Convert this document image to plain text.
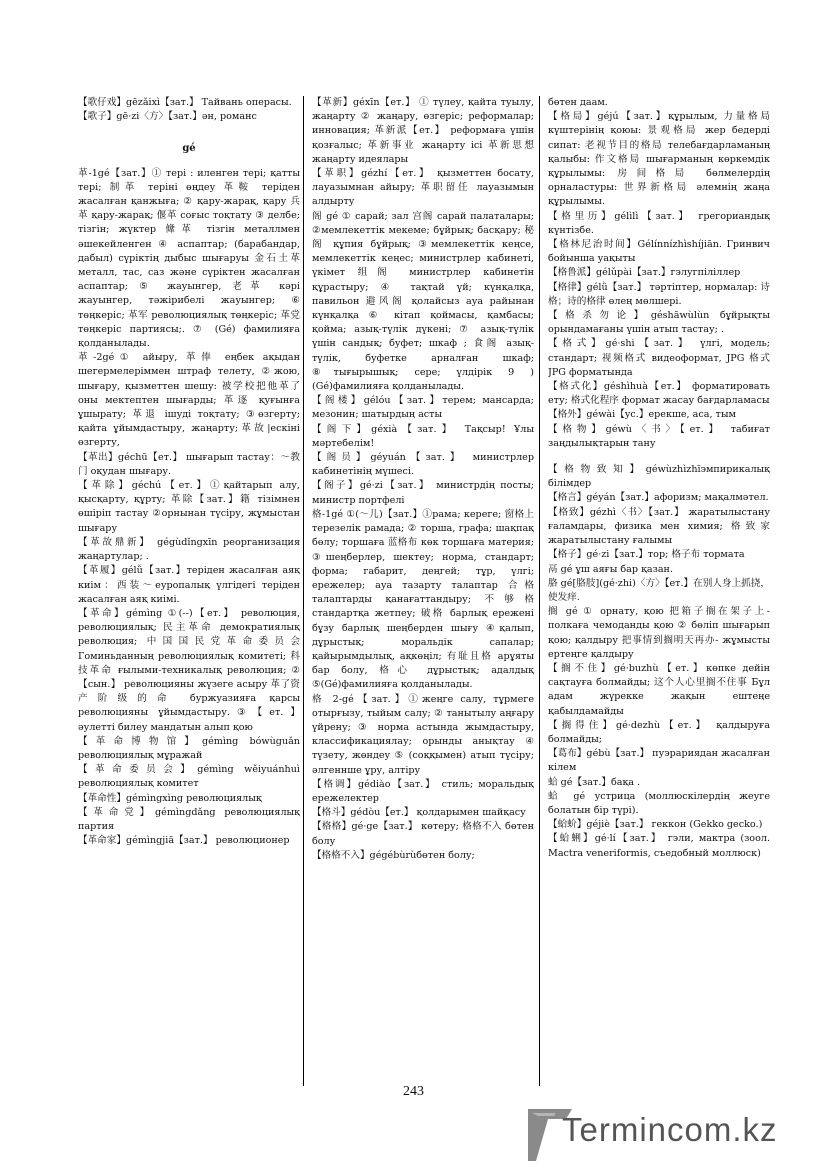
【歌仔戏】gēzǎixì【зат.】 Тайвань операсы.

【歌子】gē·zi〈方〉【зат.】ән, романс

gé

革-1gé【зат.】① тері : иленген тері; қатты тері; 制革 теріні өңдеу 革鞍 теріден жасалған қанжыға; ② қару-жарақ, қару 兵革 қару-жарақ; 偃革 соғыс тоқтату ③ делбе; тізгін; жүктер 鞗革 тізгін металлмен әшекейленген ④ аспаптар; (барабандар, дабыл) сүріктің дыбыс шығаруы 金石土革 металл, тас, саз және сүріктен жасалған аспаптар; ⑤ жауынгер, 老革 кәрі жауынгер, тәжірибелі жауынгер; ⑥ төңкеріс; 革军 революциялық төңкеріс; 革党 төңкеріс партиясы;. ⑦ (Gé) фамилияға қолданылады.

革-2gé① айыру, 革俸 еңбек ақыдан шегермелеріммен штраф телету, ②жою, шығару, қызметтен шешу: 被学校把他革了 оны мектептен шығарды; 革逐 қуғынға ұшырату; 革退 ішуді тоқтату; ③өзгерту; қайта ұйымдастыру, жаңарту;革故|ескіні өзгерту,

【革出】géchū【ет.】 шығарып тастау：～教门 оқудан шығару.

【革除】géchú【ет.】①қайтарып алу, қысқарту, құрту; 革除【зат.】籍 тізімнен өшіріп тастау ②орнынан түсіру, жұмыстан шығару

【革故鼎新】 gégùdǐngxīn реорганизация жаңартулар; .

【革履】gélǚ【зат.】теріден жасалған аяқ киім：西装～еуропалық үлгідегі теріден жасалған аяқ киімі.

【革命】gémìng ①(--)【ет.】 революция, революциялық; 民主革命 демократиялық революция; 中国国民党革命委员会 Гоминьданның революциялық комитеті; 科技革命 ғылыми-техникалық революция; ②【сын.】 революцияны жүзеге асыру 革了资产阶级的命 буржуазияға қарсы революцияны ұйымдастыру.③【ет.】 әулетті билеу мандатын алып қою

【革命博物馆】gémìng bówùguǎn революциялық мұражай

【革命委员会】gémìng wěiyuánhuì революциялық комитет

【革命性】gémìngxìng революциялық

【革命党】gémìngdǎng революциялық партия

【革命家】gémìngjiā【зат.】 революционер

【革新】géxīn【ет.】 ① түлеу, қайта туылу, жаңарту ② жаңару, өзгеріс; реформалар; инновация; 革新派【ет.】 реформаға үшін қозғалыс; 革新事业 жаңарту ісі 革新思想 жаңарту идеялары

【革职】gézhí【ет.】 қызметтен босату, лауазымнан айыру; 革职留任 лауазымын алдырту

阁 gé ① сарай; зал 宫阁 сарай палаталары; ②мемлекеттік мекеме; бұйрық; басқару; 秘阁 құпия бұйрық; ③мемлекеттік кеңсе, мемлекеттік кеңес; министрлер кабинеті, үкімет 组阁 министрлер кабинетін құрастыру; ④ тақтай үй; күнқалқа, павильон 避风阁 қолайсыз ауа райынан күнқалқа ⑥ кітап қоймасы, қамбасы; қойма; азық-түлік дүкені; ⑦ азық-түлік үшін сандық; буфет; шкаф ; 食阁 азық-түлік, буфетке арналған шкаф; ⑧тығырышық; сере; үлдірік 9 ) (Gé)фамилияға қолданылады.

【阁楼】gélóu【зат.】терем; мансарда; мезонин; шатырдың асты

【阁下】géxià【зат.】 Тақсыр! Ұлы мәртебелім!

【阁员】géyuán【зат.】 министрлер кабинетінің мүшесі.

【阁子】gé·zi【зат.】 министрдің посты; министр портфелі

格-1gé ①(～儿)【зат.】①рама; кереге; 窗格上 терезелік рамада; ② торша, графа; шақпақ бөлу; торшаға 蓝格布 көк торшаға материя; ③шеңберлер, шектеу; норма, стандарт; форма; габарит, деңгей; тұр, үлгі; ережелер; ауа тазарту талаптар 合格 талаптарды қанағаттандыру; 不够格 стандартқа жетпеу; 破格 барлық ережені бұзу барлық шеңберден шығу ④қалып, дұрыстық; моральдік сапалар; қайырымдылық, ақкөңіл; 有耻且格 арұяты бар болу, 格心 дұрыстық; адалдық ⑤(Gé)фамилияға қолданылады.

格 2-gé【зат.】①жеңге салу, тұрмеге отырғызу, тыйым салу; ② танытылу аңғару үйрену; ③ норма астында жымдастыру, классификациялау; орынды анықтау ④ түзету, жөндеу ⑤ (соққымен) атып түсіру; әлгеннше ұру, алтіру

【格调】gédiào【зат.】 стиль; моральдық ережелектер

【格斗】gédòu【ет.】 қолдарымен шайқасу

【格格】gé·ge【зат.】 көтеру; 格格不入 бөтен болу

【格格不入】gégébùrùбөтен болу;

бөтен даам.

【格局】géjú【зат.】құрылым, 力量格局 күштерінің қоюы: 景观格局 жер бедерді сипат: 老视节目的格局 телебағдарламаның қалыбы: 作文格局 шығарманың көркемдік құрылымы: 房间格局 бөлмелердің орналастуры: 世界新格局 әлемнің жаңа құрылымы.

【格里历】gélìlì【зат.】 грегориандық күнтізбе.

【格林尼治时间】Gélínnízhìshíjiān. Гринвич бойынша уақыты

【格鲁派】gélǔpài【зат.】гэлугпіліллер

【格律】gélǜ【зат.】 тәртіптер, нормалар: 诗格；诗的格律 өлең мөлшері.

【格杀勿论】géshāwùlùn бұйрықты орындамағаны үшін атып тастау; .

【格式】gé·shi【зат.】 үлгі, модель; стандарт; 视频格式 видеоформат, JPG 格式 JPG форматында

【格式化】géshìhuà【ет.】 форматировать ету; 格式化程序 формат жасау бағдарламасы

【格外】géwài【ус.】ерекше, аса, тым

【格物】géwù〈书〉【ет.】 табиғат заңдылықтарын тану

【格物致知】géwùzhìzhīэмпирикалық білімдер

【格言】géyán【зат.】афоризм; мақалмәтел.

【格致】gézhì〈书〉【зат.】 жаратылыстану ғаламдары, физика мен химия; 格致家 жаратылыстану ғалымы

【格子】gé·zi【зат.】тор; 格子布 тормата

鬲 gé ұш аяғы бар қазан.

胳 gé[胳肢](gé·zhi)〈方〉【ет.】在别人身上抓挠，使发痒.

搁 gé ① орнату, қою 把箱子搁在架子上- полкаға чемоданды қою ② бөліп шығарып қою; қалдыру 把事情到搁明天再办- жұмысты ертеңге қалдыру

【搁不住】gé·buzhù【ет.】көпке дейін сақтауға болмайды; 这个人心里搁不住事 Бұл адам жүрекке жақын ештеңе қабылдамайды

【搁得住】gé·dezhù【ет.】 қалдыруға болмайды;

【葛布】gébù【зат.】 пуэрариядан жасалған кілем

蛤 gé【зат.】бақа .

蛤 gé устрица (моллюскілердің жеуге болатын бір түрі).

【蛤蚧】géjiè【зат.】 геккон (Gekko gecko.)

【蛤蜊】gé·lí【зат.】 гэли, мактра (зоол. Mactra veneriformis, съедобный моллюск)

243
Termincom.kz
